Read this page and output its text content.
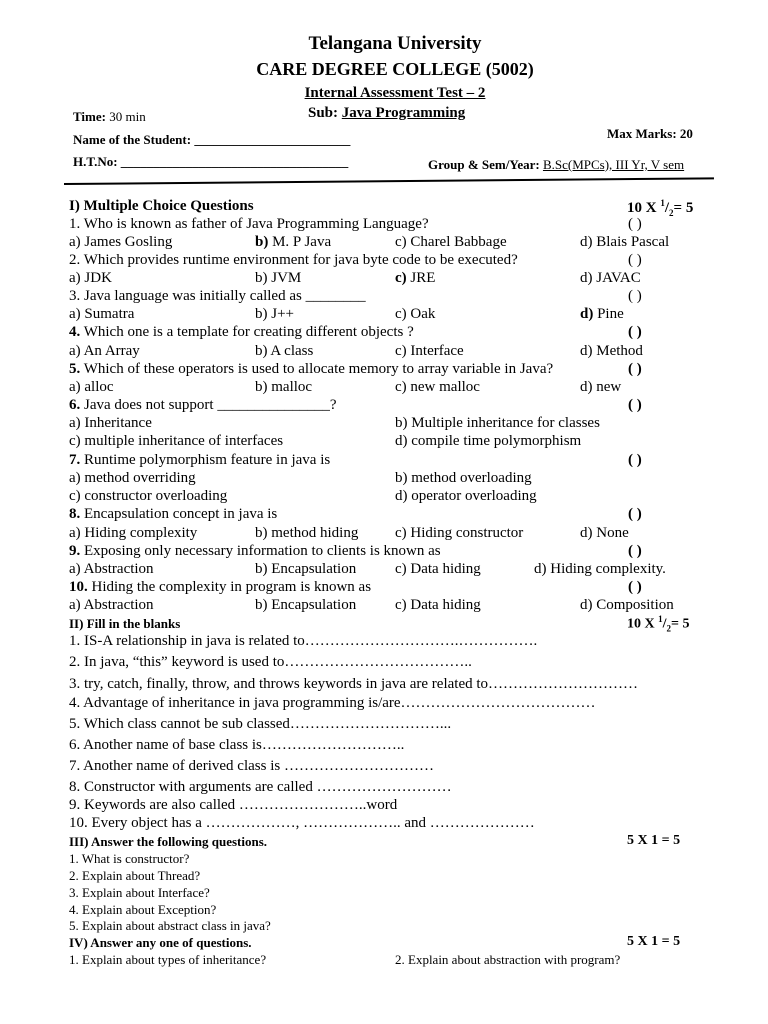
Telangana University
CARE DEGREE COLLEGE (5002)
Internal Assessment Test – 2
Sub: Java Programming
Time: 30 min
Max Marks: 20
Name of the Student: ________________________
H.T.No: ___________________________________	Group & Sem/Year: B.Sc(MPCs), III Yr, V sem
I) Multiple Choice Questions	10 X $^1/_2= 5$
1. Who is known as father of Java Programming Language?	( )
a) James Gosling	b) M. P Java	c) Charel Babbage	d) Blais Pascal
2. Which provides runtime environment for java byte code to be executed?	( )
a) JDK	b) JVM	c) JRE	d) JAVAC
3. Java language was initially called as ________	( )
a) Sumatra	b) J++	c) Oak	d) Pine
4. Which one is a template for creating different objects ?	( )
a) An Array	b) A class	c) Interface	d) Method
5. Which of these operators is used to allocate memory to array variable in Java?	( )
a) alloc	b) malloc	c) new malloc	d) new
6. Java does not support _______________?	( )
a) Inheritance	b) Multiple inheritance for classes
c) multiple inheritance of interfaces	d) compile time polymorphism
7. Runtime polymorphism feature in java is	( )
a) method overriding	b) method overloading
c) constructor overloading	d) operator overloading
8. Encapsulation concept in java is	( )
a) Hiding complexity	b) method hiding c) Hiding constructor	d) None
9. Exposing only necessary information to clients is known as	( )
a) Abstraction	b) Encapsulation	c) Data hiding	d) Hiding complexity.
10. Hiding the complexity in program is known as	( )
a) Abstraction	b) Encapsulation	c) Data hiding	d) Composition
II) Fill in the blanks	10 X $^1/_2= 5$
1. IS-A relationship in java is related to………………………….…………….
2. In java, “this” keyword is used to………………………………..
3. try, catch, finally, throw, and throws keywords in java are related to…………………………
4. Advantage of inheritance in java programming is/are…………………………………
5. Which class cannot be sub classed…………………………...
6. Another name of base class is………………………..
7. Another name of derived class is …………………………
8. Constructor with arguments are called ………………………
9. Keywords are also called ……………………..word
10. Every object has a ………………, ……………….. and …………………
III) Answer the following questions.	5 X 1 = 5
1. What is constructor?
2. Explain about Thread?
3. Explain about Interface?
4. Explain about Exception?
5. Explain about abstract class in java?
IV) Answer any one of questions.	5 X 1 = 5
1. Explain about types of inheritance?	2. Explain about abstraction with program?
